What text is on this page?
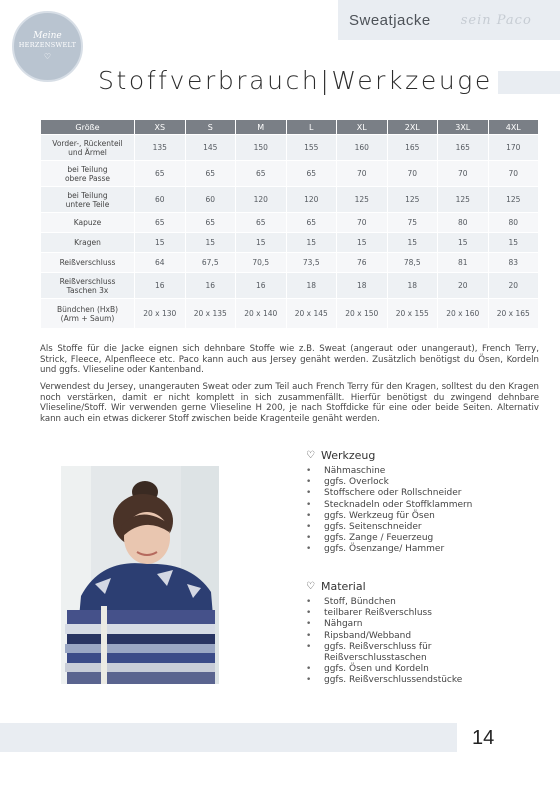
Meine
HERZENSWELT
♡
Sweatjacke sein Paco
Stoffverbrauch|Werkzeuge
Größe	XS	S	M	L	XL	2XL	3XL	4XL
Vorder-, Rückenteil
und Ärmel	135	145	150	155	160	165	165	170
bei Teilung
obere Passe	65	65	65	65	70	70	70	70
bei Teilung
untere Teile	60	60	120	120	125	125	125	125
Kapuze	65	65	65	65	70	75	80	80
Kragen	15	15	15	15	15	15	15	15
Reißverschluss	64	67,5	70,5	73,5	76	78,5	81	83
Reißverschluss
Taschen 3x	16	16	16	18	18	18	20	20
Bündchen (HxB)
(Arm + Saum)	20 x 130	20 x 135	20 x 140	20 x 145	20 x 150	20 x 155	20 x 160	20 x 165

Als Stoffe für die Jacke eignen sich dehnbare Stoffe wie z.B. Sweat (angeraut oder unangeraut), French Terry, Strick, Fleece, Alpenfleece etc. Paco kann auch aus Jersey genäht werden. Zusätzlich benötigst du Ösen, Kordeln und ggfs. Vlieseline oder Kantenband.

Verwendest du Jersey, unangerauten Sweat oder zum Teil auch French Terry für den Kragen, solltest du den Kragen noch verstärken, damit er nicht komplett in sich zusammenfällt. Hierfür benötigst du zwingend dehnbare Vlieseline/Stoff. Wir verwenden gerne Vlieseline H 200, je nach Stoffdicke für eine oder beide Seiten. Alternativ kann auch ein etwas dickerer Stoff zwischen beide Kragenteile genäht werden.

♡ Werkzeug
•	Nähmaschine
•	ggfs. Overlock
•	Stoffschere oder Rollschneider
•	Stecknadeln oder Stoffklammern
•	ggfs. Werkzeug für Ösen
•	ggfs. Seitenschneider
•	ggfs. Zange / Feuerzeug
•	ggfs. Ösenzange/ Hammer
♡ Material
•	Stoff, Bündchen
•	teilbarer Reißverschluss
•	Nähgarn
•	Ripsband/Webband
•	ggfs. Reißverschluss für
Reißverschlusstaschen
•	ggfs. Ösen und Kordeln
•	ggfs. Reißverschlussendstücke
14
